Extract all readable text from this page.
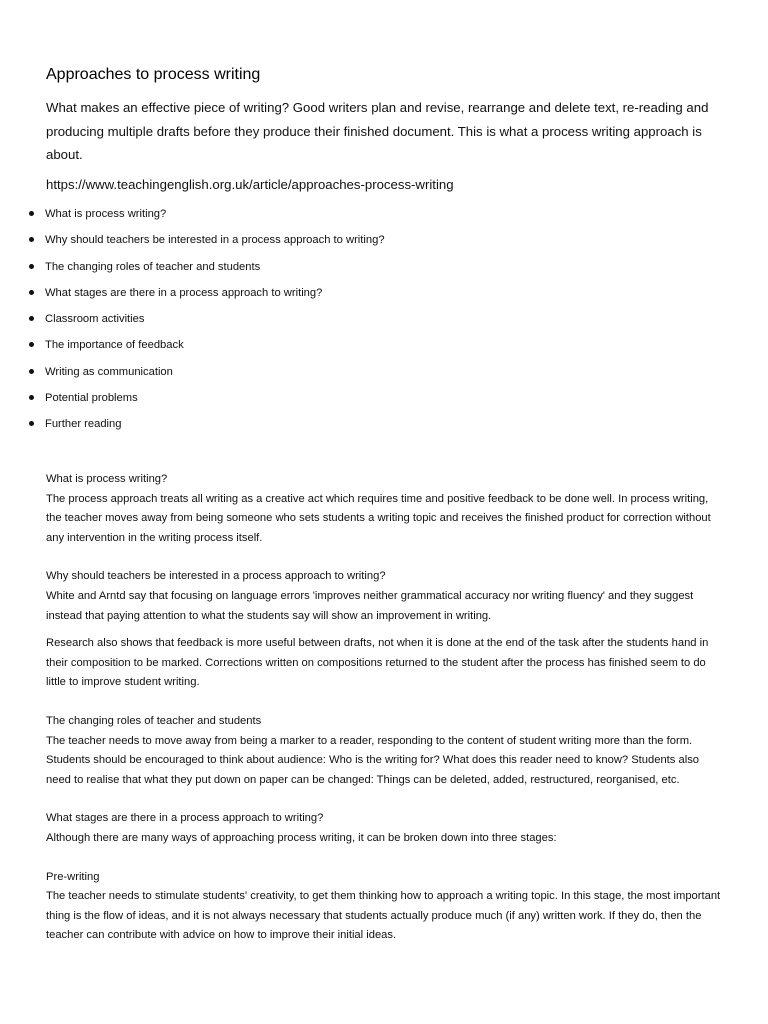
Approaches to process writing

What makes an effective piece of writing? Good writers plan and revise, rearrange and delete text, re-reading and producing multiple drafts before they produce their finished document. This is what a process writing approach is about.

https://www.teachingenglish.org.uk/article/approaches-process-writing

What is process writing?
Why should teachers be interested in a process approach to writing?
The changing roles of teacher and students
What stages are there in a process approach to writing?
Classroom activities
The importance of feedback
Writing as communication
Potential problems
Further reading

What is process writing?

The process approach treats all writing as a creative act which requires time and positive feedback to be done well. In process writing, the teacher moves away from being someone who sets students a writing topic and receives the finished product for correction without any intervention in the writing process itself.

Why should teachers be interested in a process approach to writing?

White and Arntd say that focusing on language errors 'improves neither grammatical accuracy nor writing fluency' and they suggest instead that paying attention to what the students say will show an improvement in writing.

Research also shows that feedback is more useful between drafts, not when it is done at the end of the task after the students hand in their composition to be marked. Corrections written on compositions returned to the student after the process has finished seem to do little to improve student writing.

The changing roles of teacher and students

The teacher needs to move away from being a marker to a reader, responding to the content of student writing more than the form. Students should be encouraged to think about audience: Who is the writing for? What does this reader need to know? Students also need to realise that what they put down on paper can be changed: Things can be deleted, added, restructured, reorganised, etc.

What stages are there in a process approach to writing?

Although there are many ways of approaching process writing, it can be broken down into three stages:

Pre-writing

The teacher needs to stimulate students' creativity, to get them thinking how to approach a writing topic. In this stage, the most important thing is the flow of ideas, and it is not always necessary that students actually produce much (if any) written work. If they do, then the teacher can contribute with advice on how to improve their initial ideas.
